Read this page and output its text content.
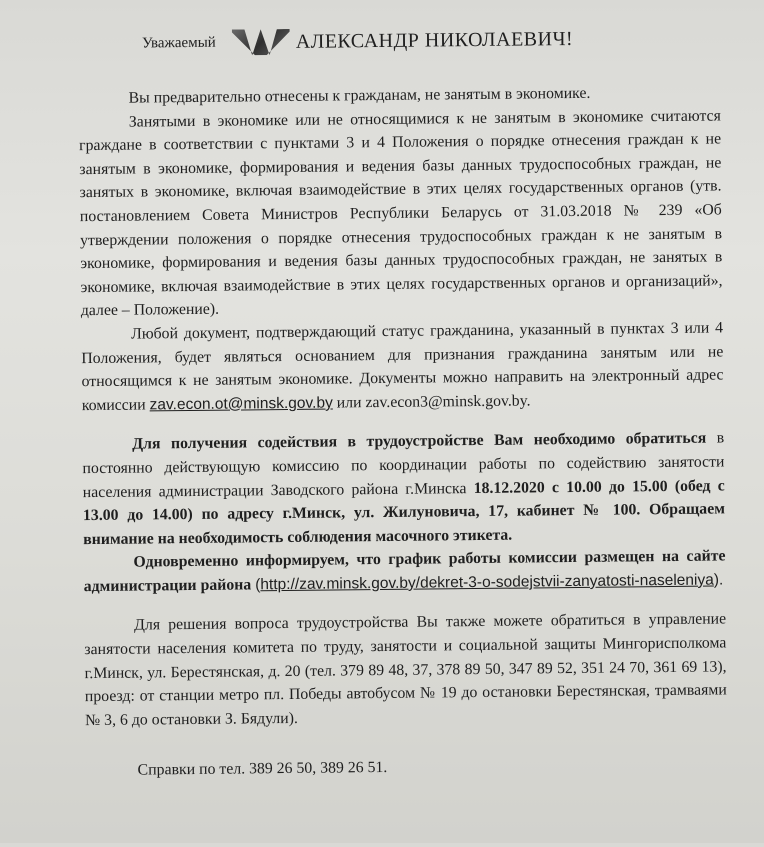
Уважаемый	АЛЕКСАНДР НИКОЛАЕВИЧ!

Вы предварительно отнесены к гражданам, не занятым в экономике.

Занятыми в экономике или не относящимися к не занятым в экономике считаются граждане в соответствии с пунктами 3 и 4 Положения о порядке отнесения граждан к не занятым в экономике, формирования и ведения базы данных трудоспособных граждан, не занятых в экономике, включая взаимодействие в этих целях государственных органов (утв. постановлением Совета Министров Республики Беларусь от 31.03.2018 № 239 «Об утверждении положения о порядке отнесения трудоспособных граждан к не занятым в экономике, формирования и ведения базы данных трудоспособных граждан, не занятых в экономике, включая взаимодействие в этих целях государственных органов и организаций», далее – Положение).

Любой документ, подтверждающий статус гражданина, указанный в пунктах 3 или 4 Положения, будет являться основанием для признания гражданина занятым или не относящимся к не занятым экономике. Документы можно направить на электронный адрес комиссии zav.econ.ot@minsk.gov.by или zav.econ3@minsk.gov.by.

Для получения содействия в трудоустройстве Вам необходимо обратиться в постоянно действующую комиссию по координации работы по содействию занятости населения администрации Заводского района г.Минска 18.12.2020 с 10.00 до 15.00 (обед с 13.00 до 14.00) по адресу г.Минск, ул. Жилуновича, 17, кабинет № 100. Обращаем внимание на необходимость соблюдения масочного этикета.

Одновременно информируем, что график работы комиссии размещен на сайте администрации района (http://zav.minsk.gov.by/dekret-3-o-sodejstvii-zanyatosti-naseleniya).

Для решения вопроса трудоустройства Вы также можете обратиться в управление занятости населения комитета по труду, занятости и социальной защиты Мингорисполкома г.Минск, ул. Берестянская, д. 20 (тел. 379 89 48, 37, 378 89 50, 347 89 52, 351 24 70, 361 69 13), проезд: от станции метро пл. Победы автобусом № 19 до остановки Берестянская, трамваями № 3, 6 до остановки З. Бядули).

Справки по тел. 389 26 50, 389 26 51.
